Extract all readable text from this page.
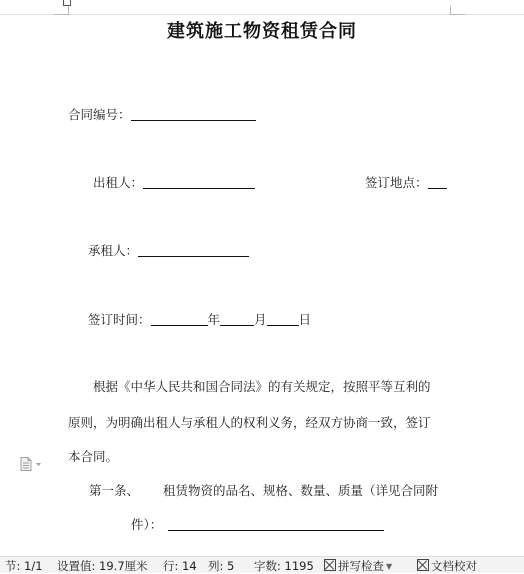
建筑施工物资租赁合同
合同编号：
出租人：	签订地点：
承租人：
签订时间：	年	月	日
根据《中华人民共和国合同法》的有关规定，按照平等互利的
原则，为明确出租人与承租人的权利义务，经双方协商一致，签订
本合同。
第一条、 租赁物资的品名、规格、数量、质量（详见合同附
件）：
节: 1/1 设置值: 19.7厘米 行: 14 列: 5 字数: 1195	拼写检查 ▼	文档校对
